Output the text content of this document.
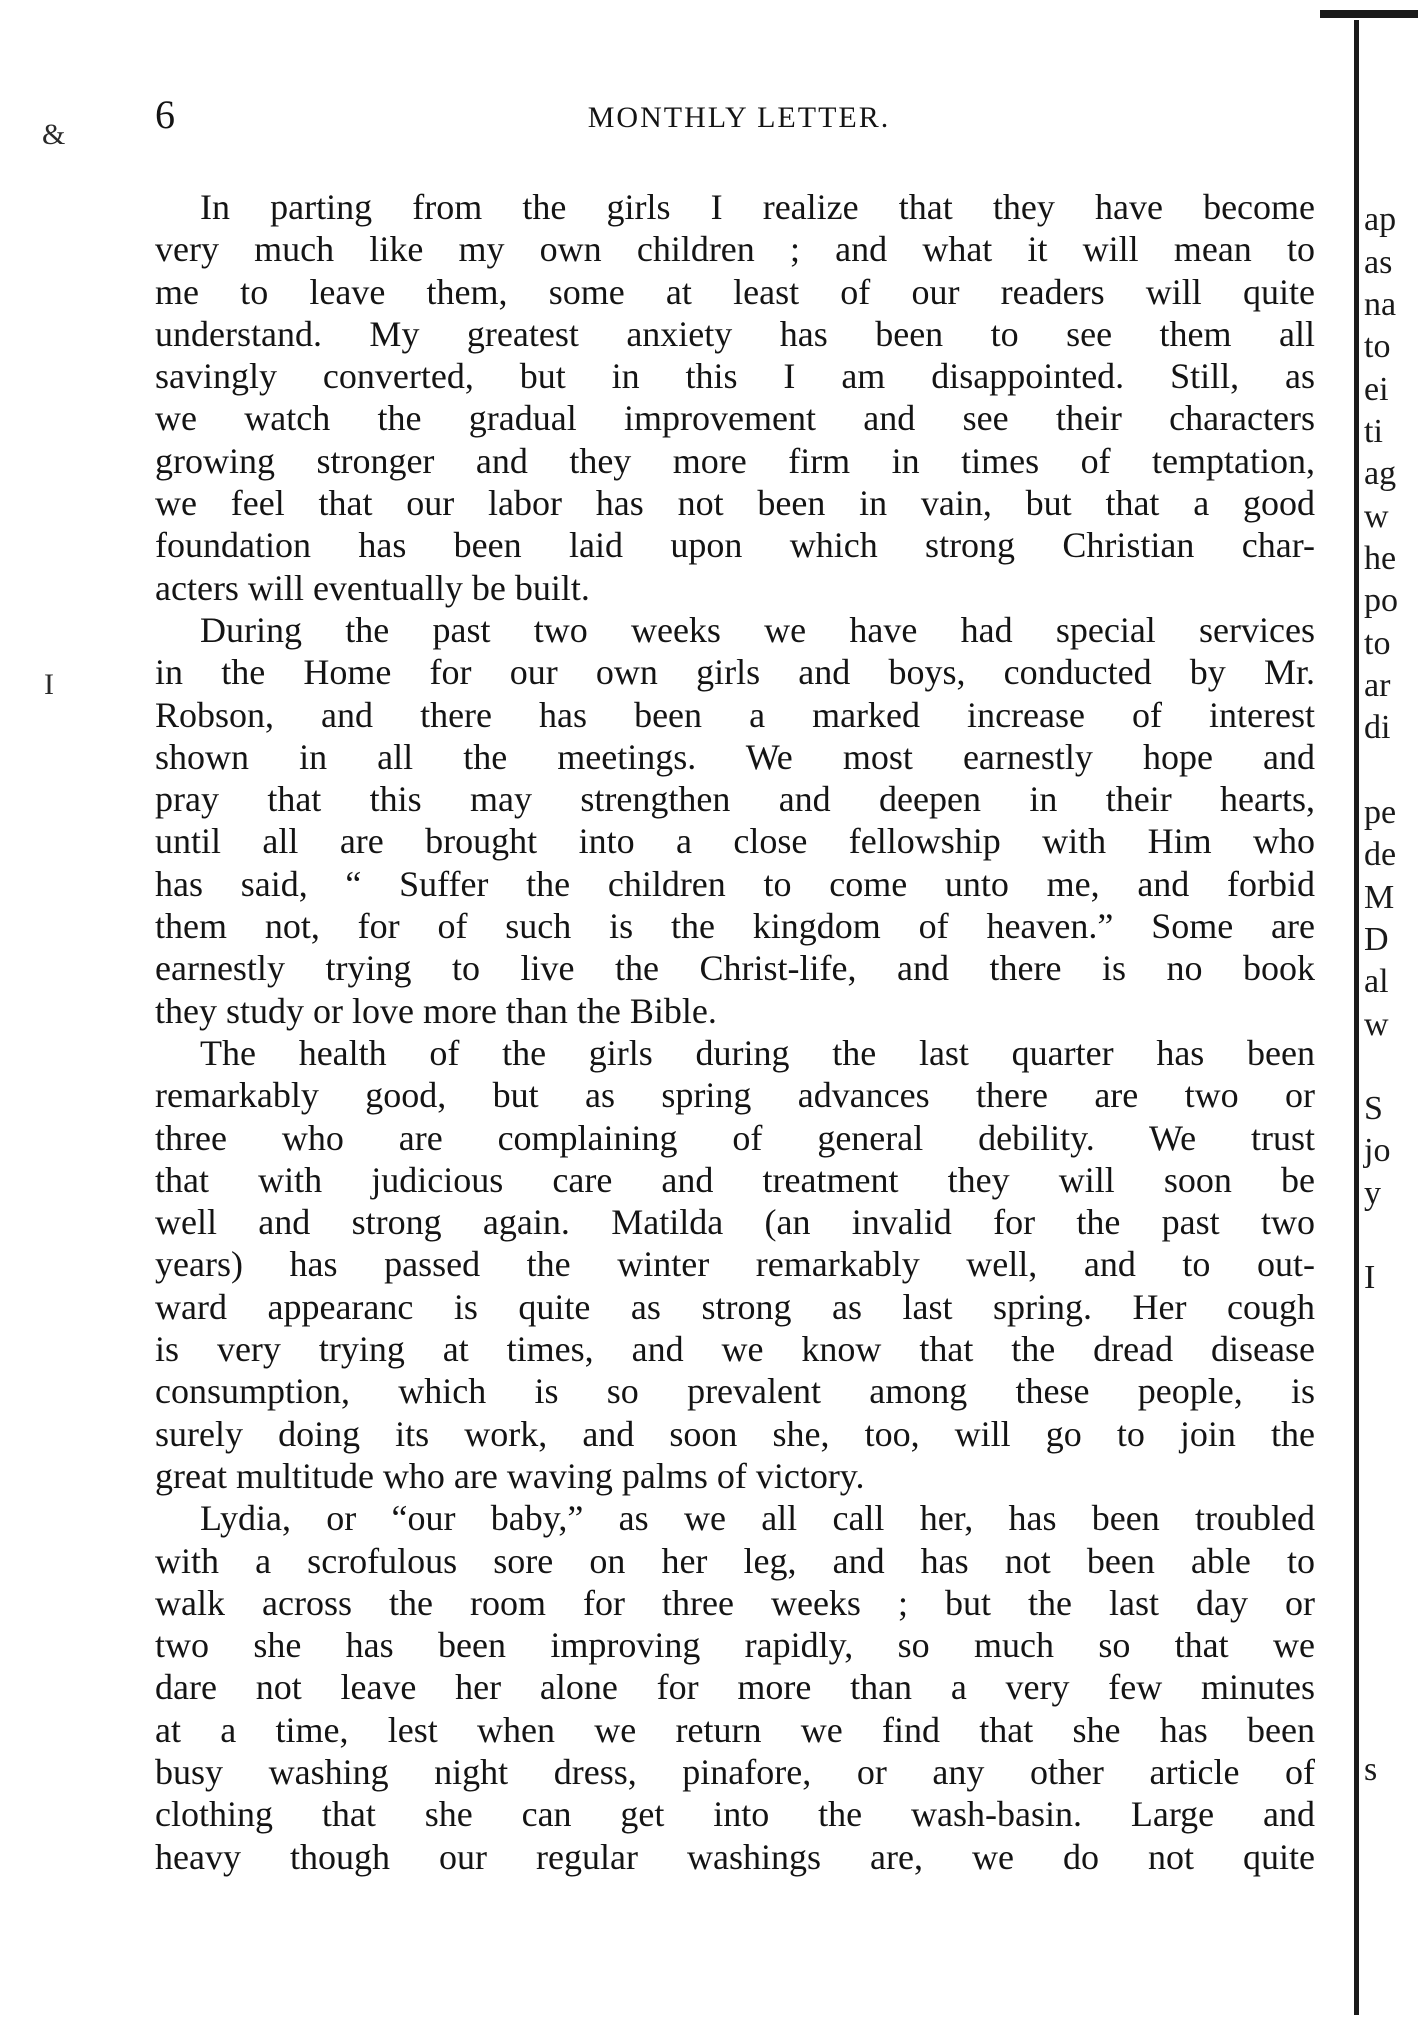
6	MONTHLY LETTER.

In parting from the girls I realize that they have become
very much like my own children ; and what it will mean to
me to leave them, some at least of our readers will quite
understand. My greatest anxiety has been to see them all
savingly converted, but in this I am disappointed. Still, as
we watch the gradual improvement and see their characters
growing stronger and they more firm in times of temptation,
we feel that our labor has not been in vain, but that a good
foundation has been laid upon which strong Christian char-
acters will eventually be built.

During the past two weeks we have had special services
in the Home for our own girls and boys, conducted by Mr.
Robson, and there has been a marked increase of interest
shown in all the meetings. We most earnestly hope and
pray that this may strengthen and deepen in their hearts,
until all are brought into a close fellowship with Him who
has said, “ Suffer the children to come unto me, and forbid
them not, for of such is the kingdom of heaven.” Some are
earnestly trying to live the Christ-life, and there is no book
they study or love more than the Bible.

The health of the girls during the last quarter has been
remarkably good, but as spring advances there are two or
three who are complaining of general debility. We trust
that with judicious care and treatment they will soon be
well and strong again. Matilda (an invalid for the past two
years) has passed the winter remarkably well, and to out-
ward appearanc is quite as strong as last spring. Her cough
is very trying at times, and we know that the dread disease
consumption, which is so prevalent among these people, is
surely doing its work, and soon she, too, will go to join the
great multitude who are waving palms of victory.

Lydia, or “our baby,” as we all call her, has been troubled
with a scrofulous sore on her leg, and has not been able to
walk across the room for three weeks ; but the last day or
two she has been improving rapidly, so much so that we
dare not leave her alone for more than a very few minutes
at a time, lest when we return we find that she has been
busy washing night dress, pinafore, or any other article of
clothing that she can get into the wash-basin. Large and
heavy though our regular washings are, we do not quite

&
I
ap
as
na
to
ei
ti
ag
w
he
po
to
ar
di
pe
de
M
D
al
w
S
jo
y
I
s
